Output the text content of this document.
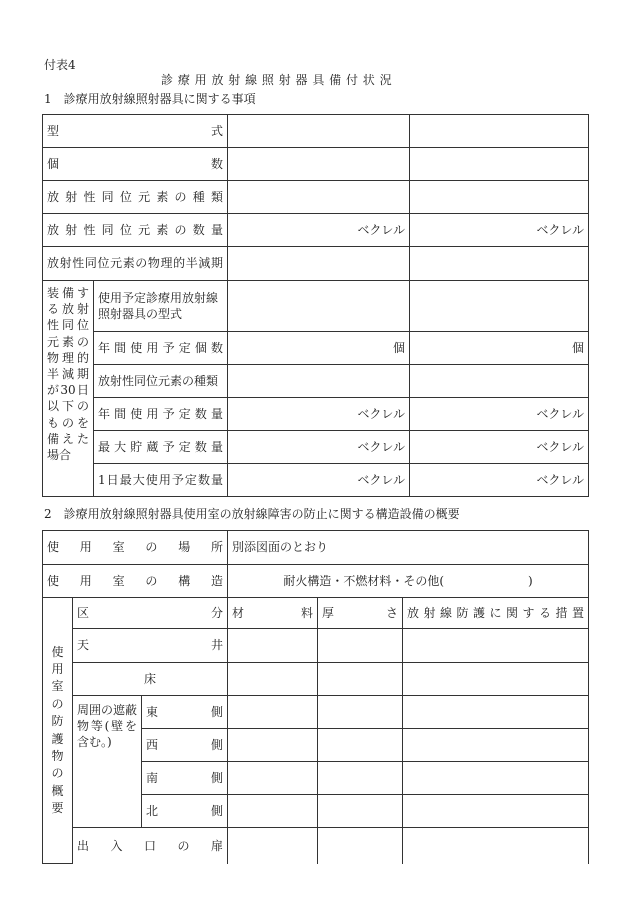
付表4
診 療 用 放 射 線 照 射 器 具 備 付 状 況
1　診療用放射線照射器具に関する事項
型式			
個数			
放射性同位元素の種類			
放射性同位元素の数量		ベクレル	ベクレル
放射性同位元素の物理的半減期			
装備する放射性同位元素の物理的半減期が30日以下のものを備えた場合	使用予定診療用放射線照射器具の型式		
	年間使用予定個数	個	個
	放射性同位元素の種類		
	年間使用予定数量	ベクレル	ベクレル
	最大貯蔵予定数量	ベクレル	ベクレル
	1日最大使用予定数量	ベクレル	ベクレル
2　診療用放射線照射器具使用室の放射線障害の防止に関する構造設備の概要
使用室の場所			別添図面のとおり		
使用室の構造			耐火構造・不燃材料・その他(　　　　　　　)		
使用室の防護物の概要	区分		材料	厚さ	放射線防護に関する措置
	天井				
	床				
	周囲の遮蔽物等(壁を含む。)	東側			
		西側			
		南側			
		北側			
	出入口の扉				
